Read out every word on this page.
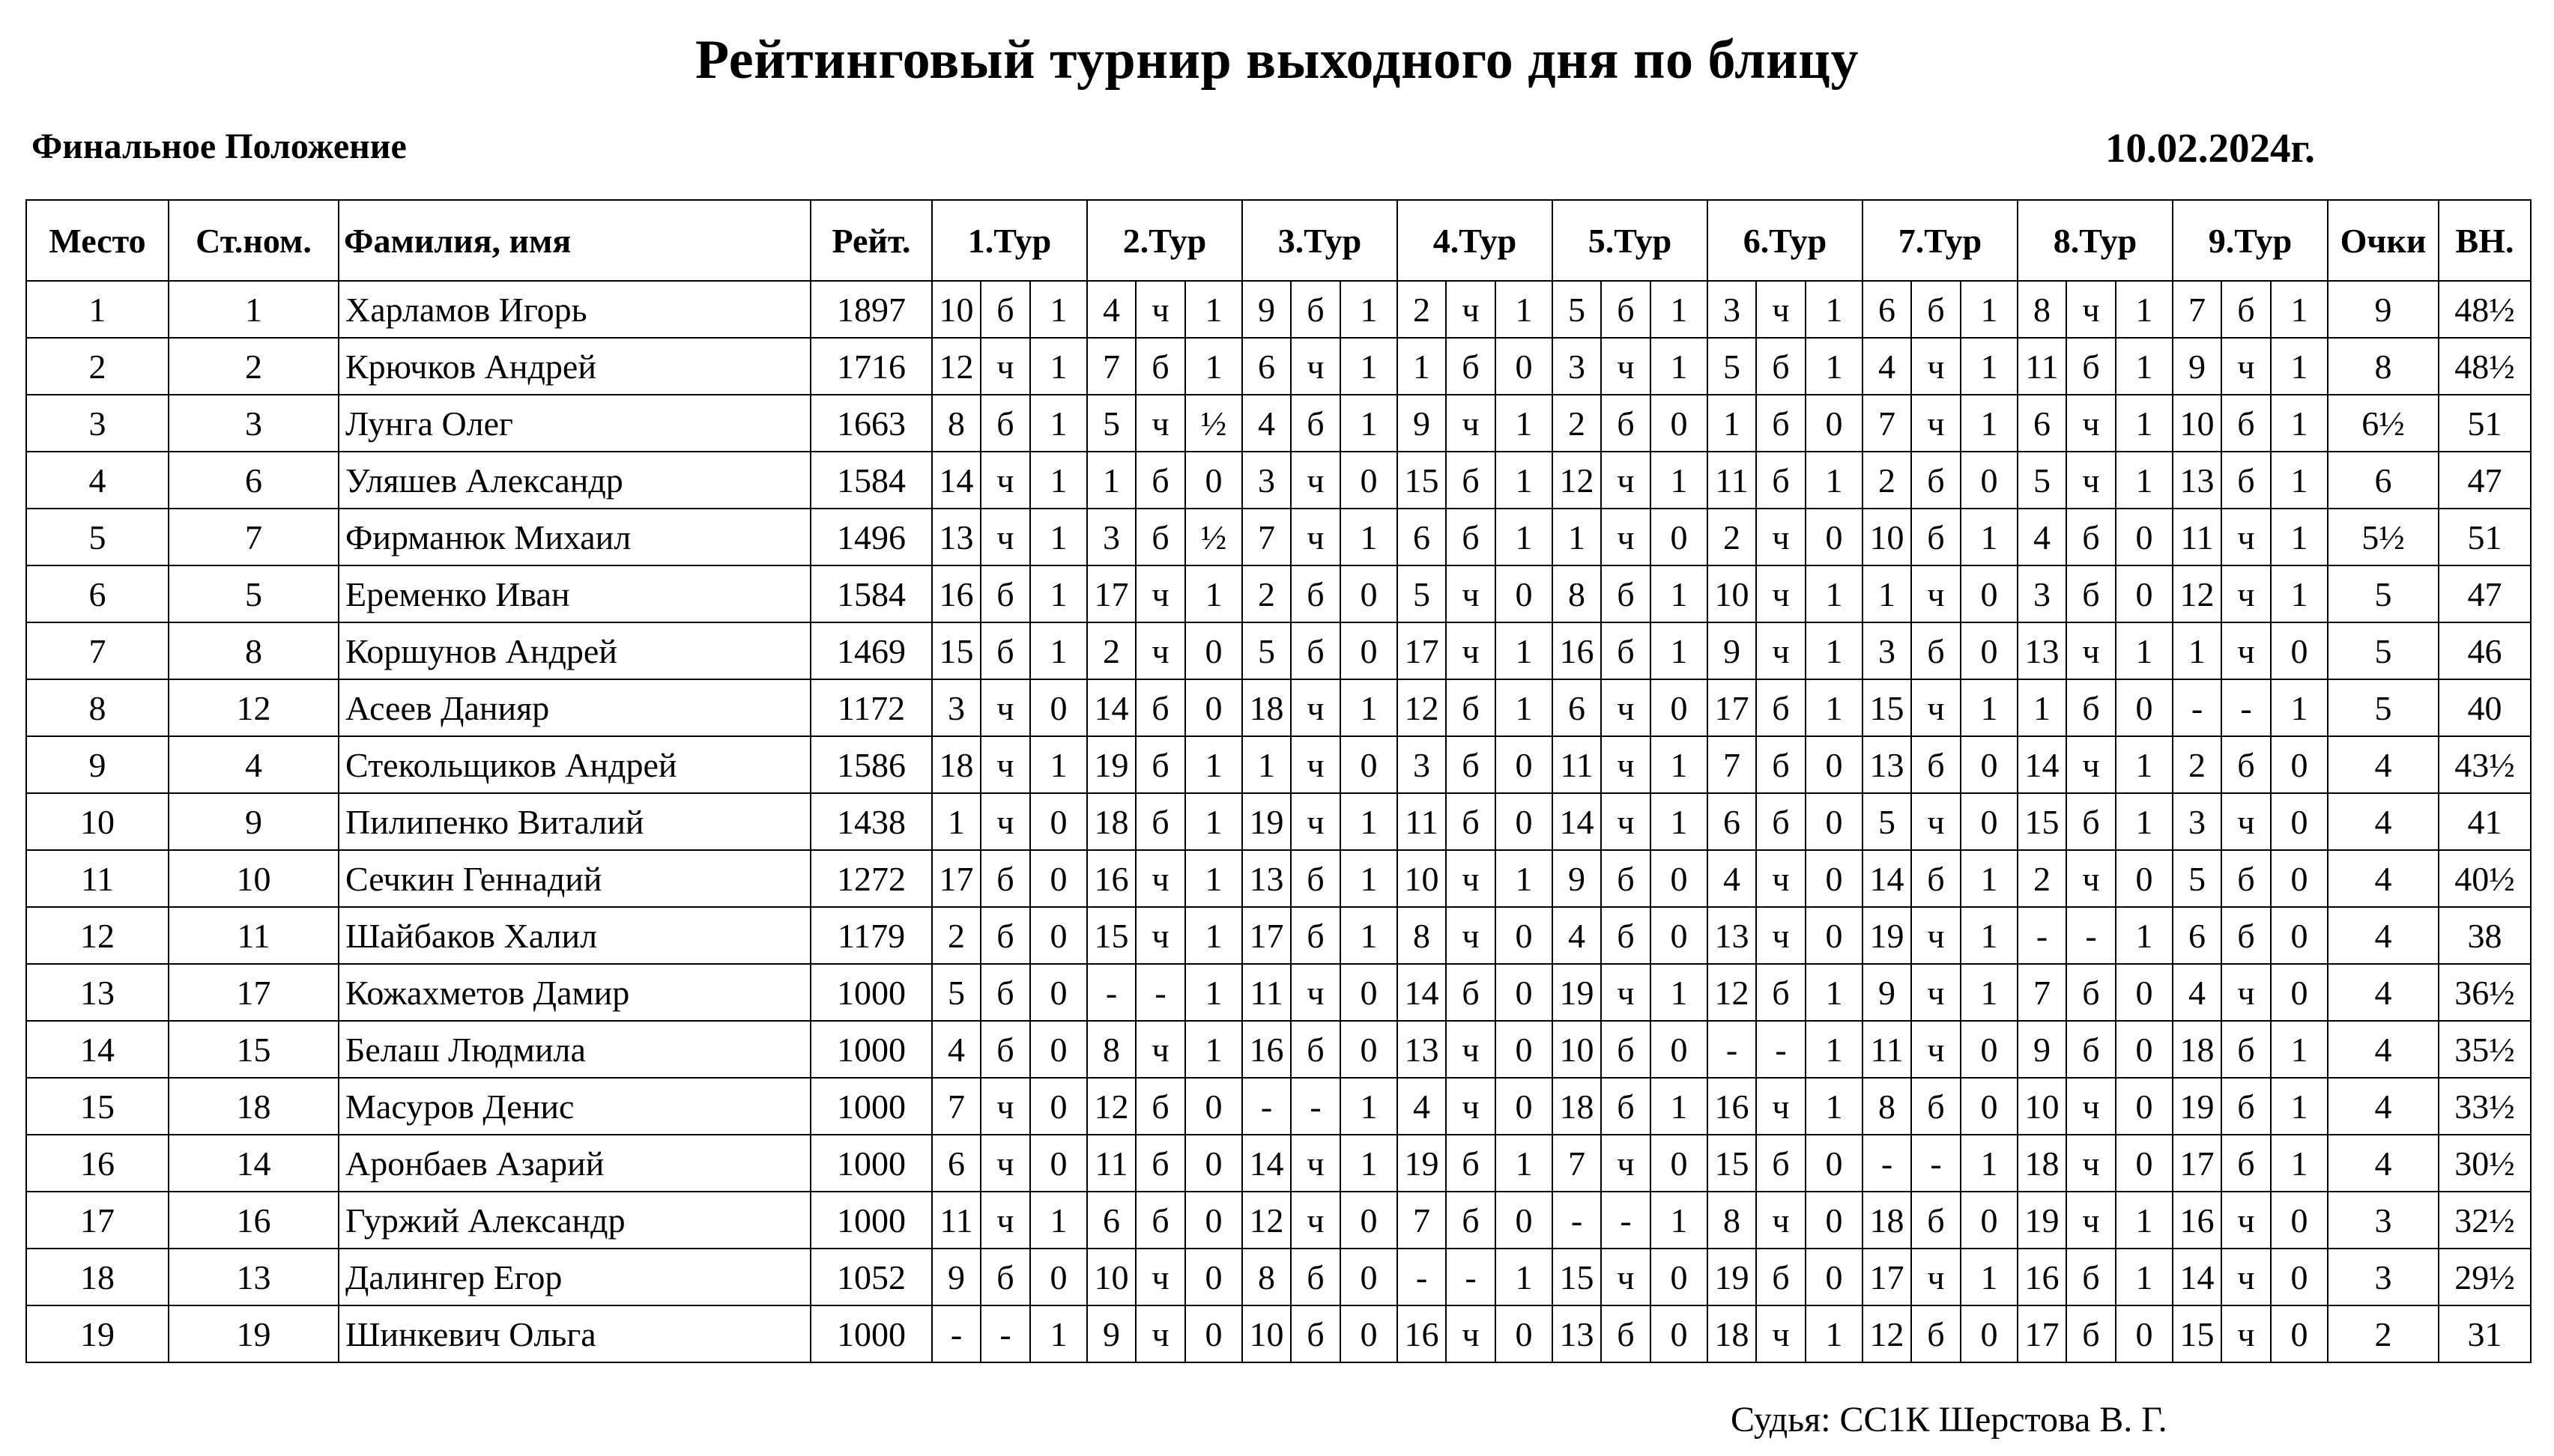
Рейтинговый турнир выходного дня по блицу
Финальное Положение	10.02.2024г.
Место	Ст.ном.	Фамилия, имя	Рейт.	1.Тур			2.Тур			3.Тур			4.Тур			5.Тур			6.Тур			7.Тур			8.Тур			9.Тур			Очки	ВН.
1	1	Харламов Игорь	1897	10	б	1	4	ч	1	9	б	1	2	ч	1	5	б	1	3	ч	1	6	б	1	8	ч	1	7	б	1	9	48½
2	2	Крючков Андрей	1716	12	ч	1	7	б	1	6	ч	1	1	б	0	3	ч	1	5	б	1	4	ч	1	11	б	1	9	ч	1	8	48½
3	3	Лунга Олег	1663	8	б	1	5	ч	½	4	б	1	9	ч	1	2	б	0	1	б	0	7	ч	1	6	ч	1	10	б	1	6½	51
4	6	Уляшев Александр	1584	14	ч	1	1	б	0	3	ч	0	15	б	1	12	ч	1	11	б	1	2	б	0	5	ч	1	13	б	1	6	47
5	7	Фирманюк Михаил	1496	13	ч	1	3	б	½	7	ч	1	6	б	1	1	ч	0	2	ч	0	10	б	1	4	б	0	11	ч	1	5½	51
6	5	Еременко Иван	1584	16	б	1	17	ч	1	2	б	0	5	ч	0	8	б	1	10	ч	1	1	ч	0	3	б	0	12	ч	1	5	47
7	8	Коршунов Андрей	1469	15	б	1	2	ч	0	5	б	0	17	ч	1	16	б	1	9	ч	1	3	б	0	13	ч	1	1	ч	0	5	46
8	12	Асеев Данияр	1172	3	ч	0	14	б	0	18	ч	1	12	б	1	6	ч	0	17	б	1	15	ч	1	1	б	0	-	-	1	5	40
9	4	Стекольщиков Андрей	1586	18	ч	1	19	б	1	1	ч	0	3	б	0	11	ч	1	7	б	0	13	б	0	14	ч	1	2	б	0	4	43½
10	9	Пилипенко Виталий	1438	1	ч	0	18	б	1	19	ч	1	11	б	0	14	ч	1	6	б	0	5	ч	0	15	б	1	3	ч	0	4	41
11	10	Сечкин Геннадий	1272	17	б	0	16	ч	1	13	б	1	10	ч	1	9	б	0	4	ч	0	14	б	1	2	ч	0	5	б	0	4	40½
12	11	Шайбаков Халил	1179	2	б	0	15	ч	1	17	б	1	8	ч	0	4	б	0	13	ч	0	19	ч	1	-	-	1	6	б	0	4	38
13	17	Кожахметов Дамир	1000	5	б	0	-	-	1	11	ч	0	14	б	0	19	ч	1	12	б	1	9	ч	1	7	б	0	4	ч	0	4	36½
14	15	Белаш Людмила	1000	4	б	0	8	ч	1	16	б	0	13	ч	0	10	б	0	-	-	1	11	ч	0	9	б	0	18	б	1	4	35½
15	18	Масуров Денис	1000	7	ч	0	12	б	0	-	-	1	4	ч	0	18	б	1	16	ч	1	8	б	0	10	ч	0	19	б	1	4	33½
16	14	Аронбаев Азарий	1000	6	ч	0	11	б	0	14	ч	1	19	б	1	7	ч	0	15	б	0	-	-	1	18	ч	0	17	б	1	4	30½
17	16	Гуржий Александр	1000	11	ч	1	6	б	0	12	ч	0	7	б	0	-	-	1	8	ч	0	18	б	0	19	ч	1	16	ч	0	3	32½
18	13	Далингер Егор	1052	9	б	0	10	ч	0	8	б	0	-	-	1	15	ч	0	19	б	0	17	ч	1	16	б	1	14	ч	0	3	29½
19	19	Шинкевич Ольга	1000	-	-	1	9	ч	0	10	б	0	16	ч	0	13	б	0	18	ч	1	12	б	0	17	б	0	15	ч	0	2	31
Судья: СС1К Шерстова В. Г.
